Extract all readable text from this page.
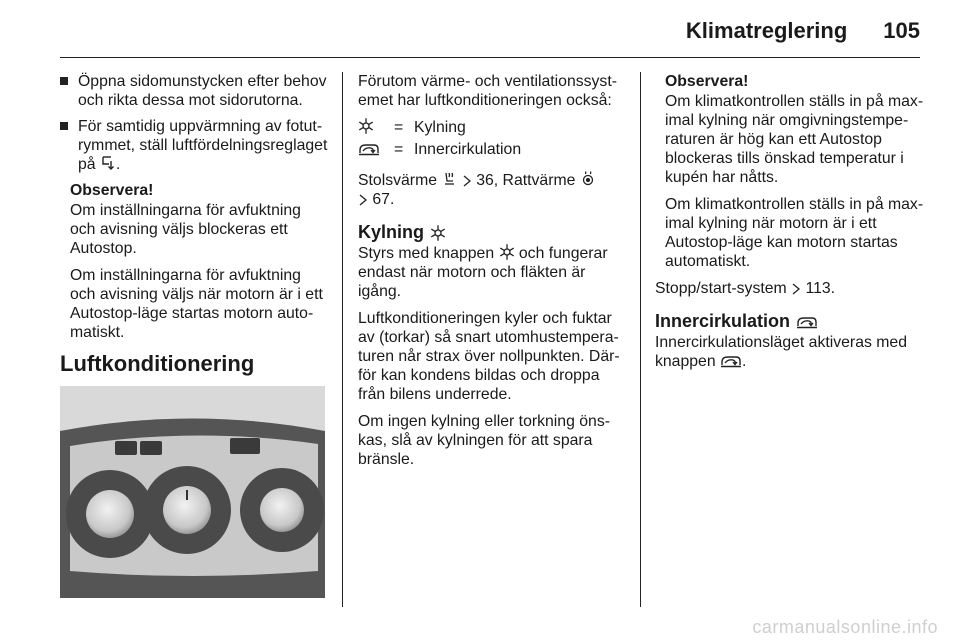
Klimatreglering 105
Öppna sidomunstycken efter behov och rikta dessa mot sidorutorna.
För samtidig uppvärmning av fotutrymmet, ställ luftfördelningsreglaget på .

Observera!

Om inställningarna för avfuktning och avisning väljs blockeras ett Autostop.

Om inställningarna för avfuktning och avisning väljs när motorn är i ett Autostop-läge startas motorn automatiskt.

Luftkonditionering

Förutom värme- och ventilationssystemet har luftkonditioneringen också:

= Kylning
= Innercirkulation

Stolsvärme 36, Rattvärme
67.

Kylning

Styrs med knappen och fungerar endast när motorn och fläkten är igång.

Luftkonditioneringen kyler och fuktar av (torkar) så snart utomhustemperaturen når strax över nollpunkten. Därför kan kondens bildas och droppa från bilens underrede.

Om ingen kylning eller torkning önskas, slå av kylningen för att spara bränsle.

Observera!

Om klimatkontrollen ställs in på maximal kylning när omgivningstemperaturen är hög kan ett Autostop blockeras tills önskad temperatur i kupén har nåtts.

Om klimatkontrollen ställs in på maximal kylning när motorn är i ett Autostop-läge kan motorn startas automatiskt.

Stopp/start-system 113.

Innercirkulation

Innercirkulationsläget aktiveras med knappen .

carmanualsonline.info
